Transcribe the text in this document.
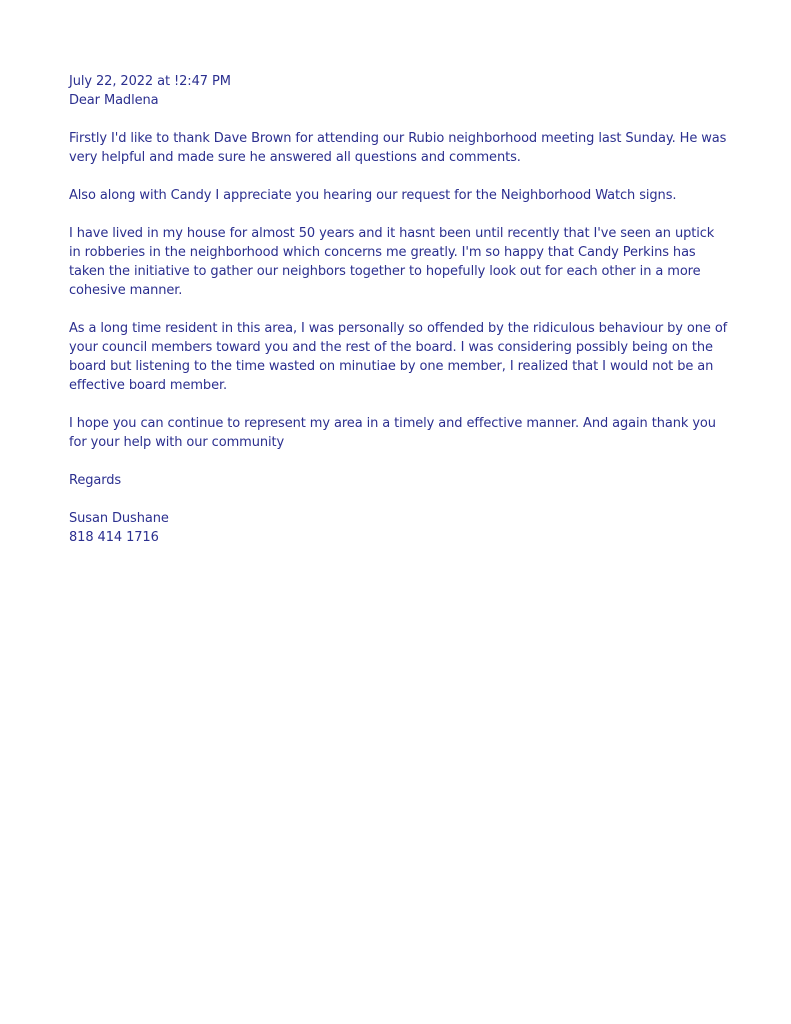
July 22, 2022 at !2:47 PM

Dear Madlena

Firstly I'd like to thank Dave Brown for attending our Rubio neighborhood meeting last Sunday. He was very helpful and made sure he answered all questions and comments.

Also along with Candy I appreciate you hearing our request for the Neighborhood Watch signs.

I have lived in my house for almost 50 years and it hasnt been until recently that I've seen an uptick in robberies in the neighborhood which concerns me greatly. I'm so happy that Candy Perkins has taken the initiative to gather our neighbors together to hopefully look out for each other in a more cohesive manner.

As a long time resident in this area, I was personally so offended by the ridiculous behaviour by one of your council members toward you and the rest of the board. I was considering possibly being on the board but listening to the time wasted on minutiae by one member, I realized that I would not be an effective board member.

I hope you can continue to represent my area in a timely and effective manner. And again thank you for your help with our community

Regards

Susan Dushane

818 414 1716
